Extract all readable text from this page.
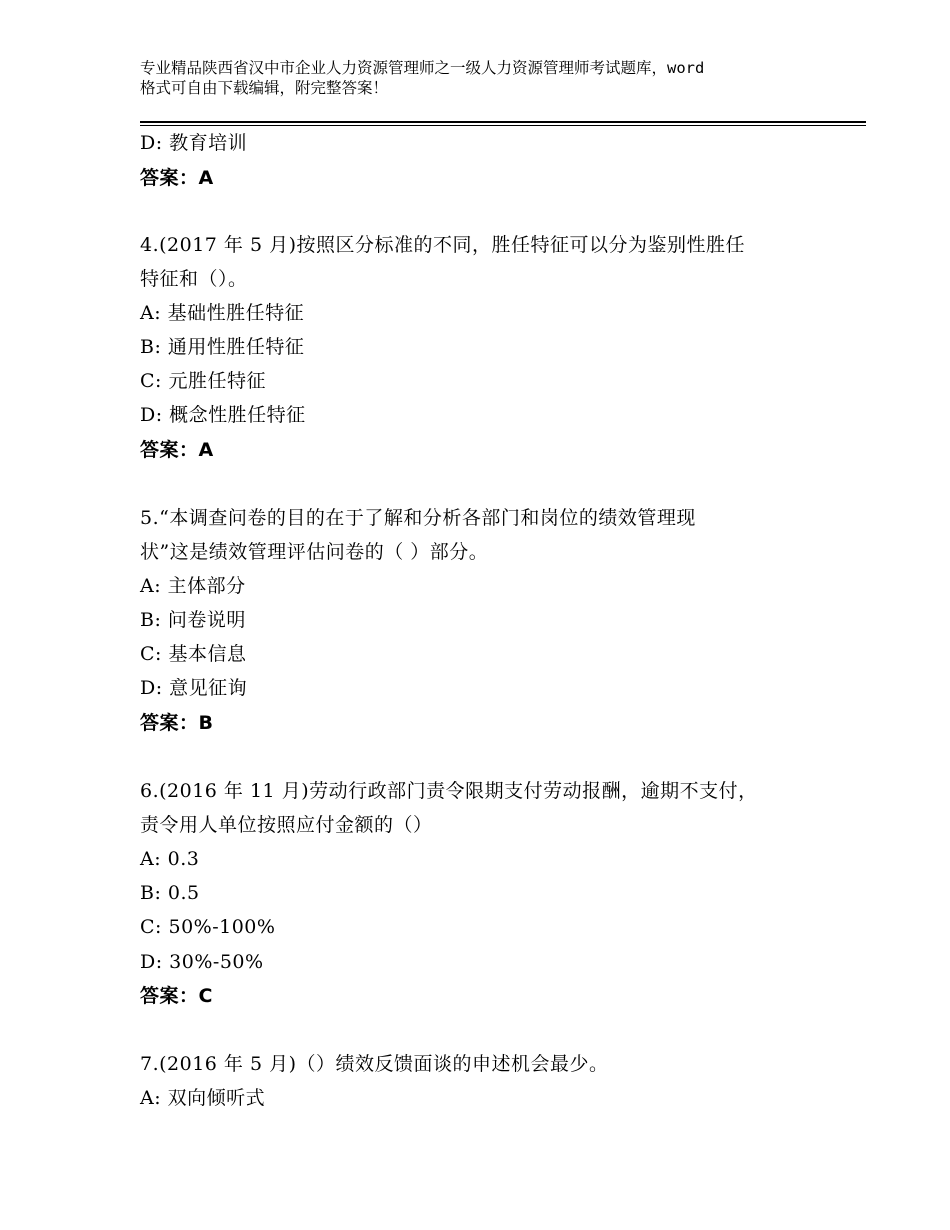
专业精品陕西省汉中市企业人力资源管理师之一级人力资源管理师考试题库，word
格式可自由下载编辑，附完整答案！
D: 教育培训
答案：A
4.(2017 年 5 月)按照区分标准的不同，胜任特征可以分为鉴别性胜任
特征和（）。
A: 基础性胜任特征
B: 通用性胜任特征
C: 元胜任特征
D: 概念性胜任特征
答案：A
5.“本调查问卷的目的在于了解和分析各部门和岗位的绩效管理现
状”这是绩效管理评估问卷的（ ）部分。
A: 主体部分
B: 问卷说明
C: 基本信息
D: 意见征询
答案：B
6.(2016 年 11 月)劳动行政部门责令限期支付劳动报酬，逾期不支付，
责令用人单位按照应付金额的（）
A: 0.3
B: 0.5
C: 50%-100%
D: 30%-50%
答案：C
7.(2016 年 5 月)（）绩效反馈面谈的申述机会最少。
A: 双向倾听式
